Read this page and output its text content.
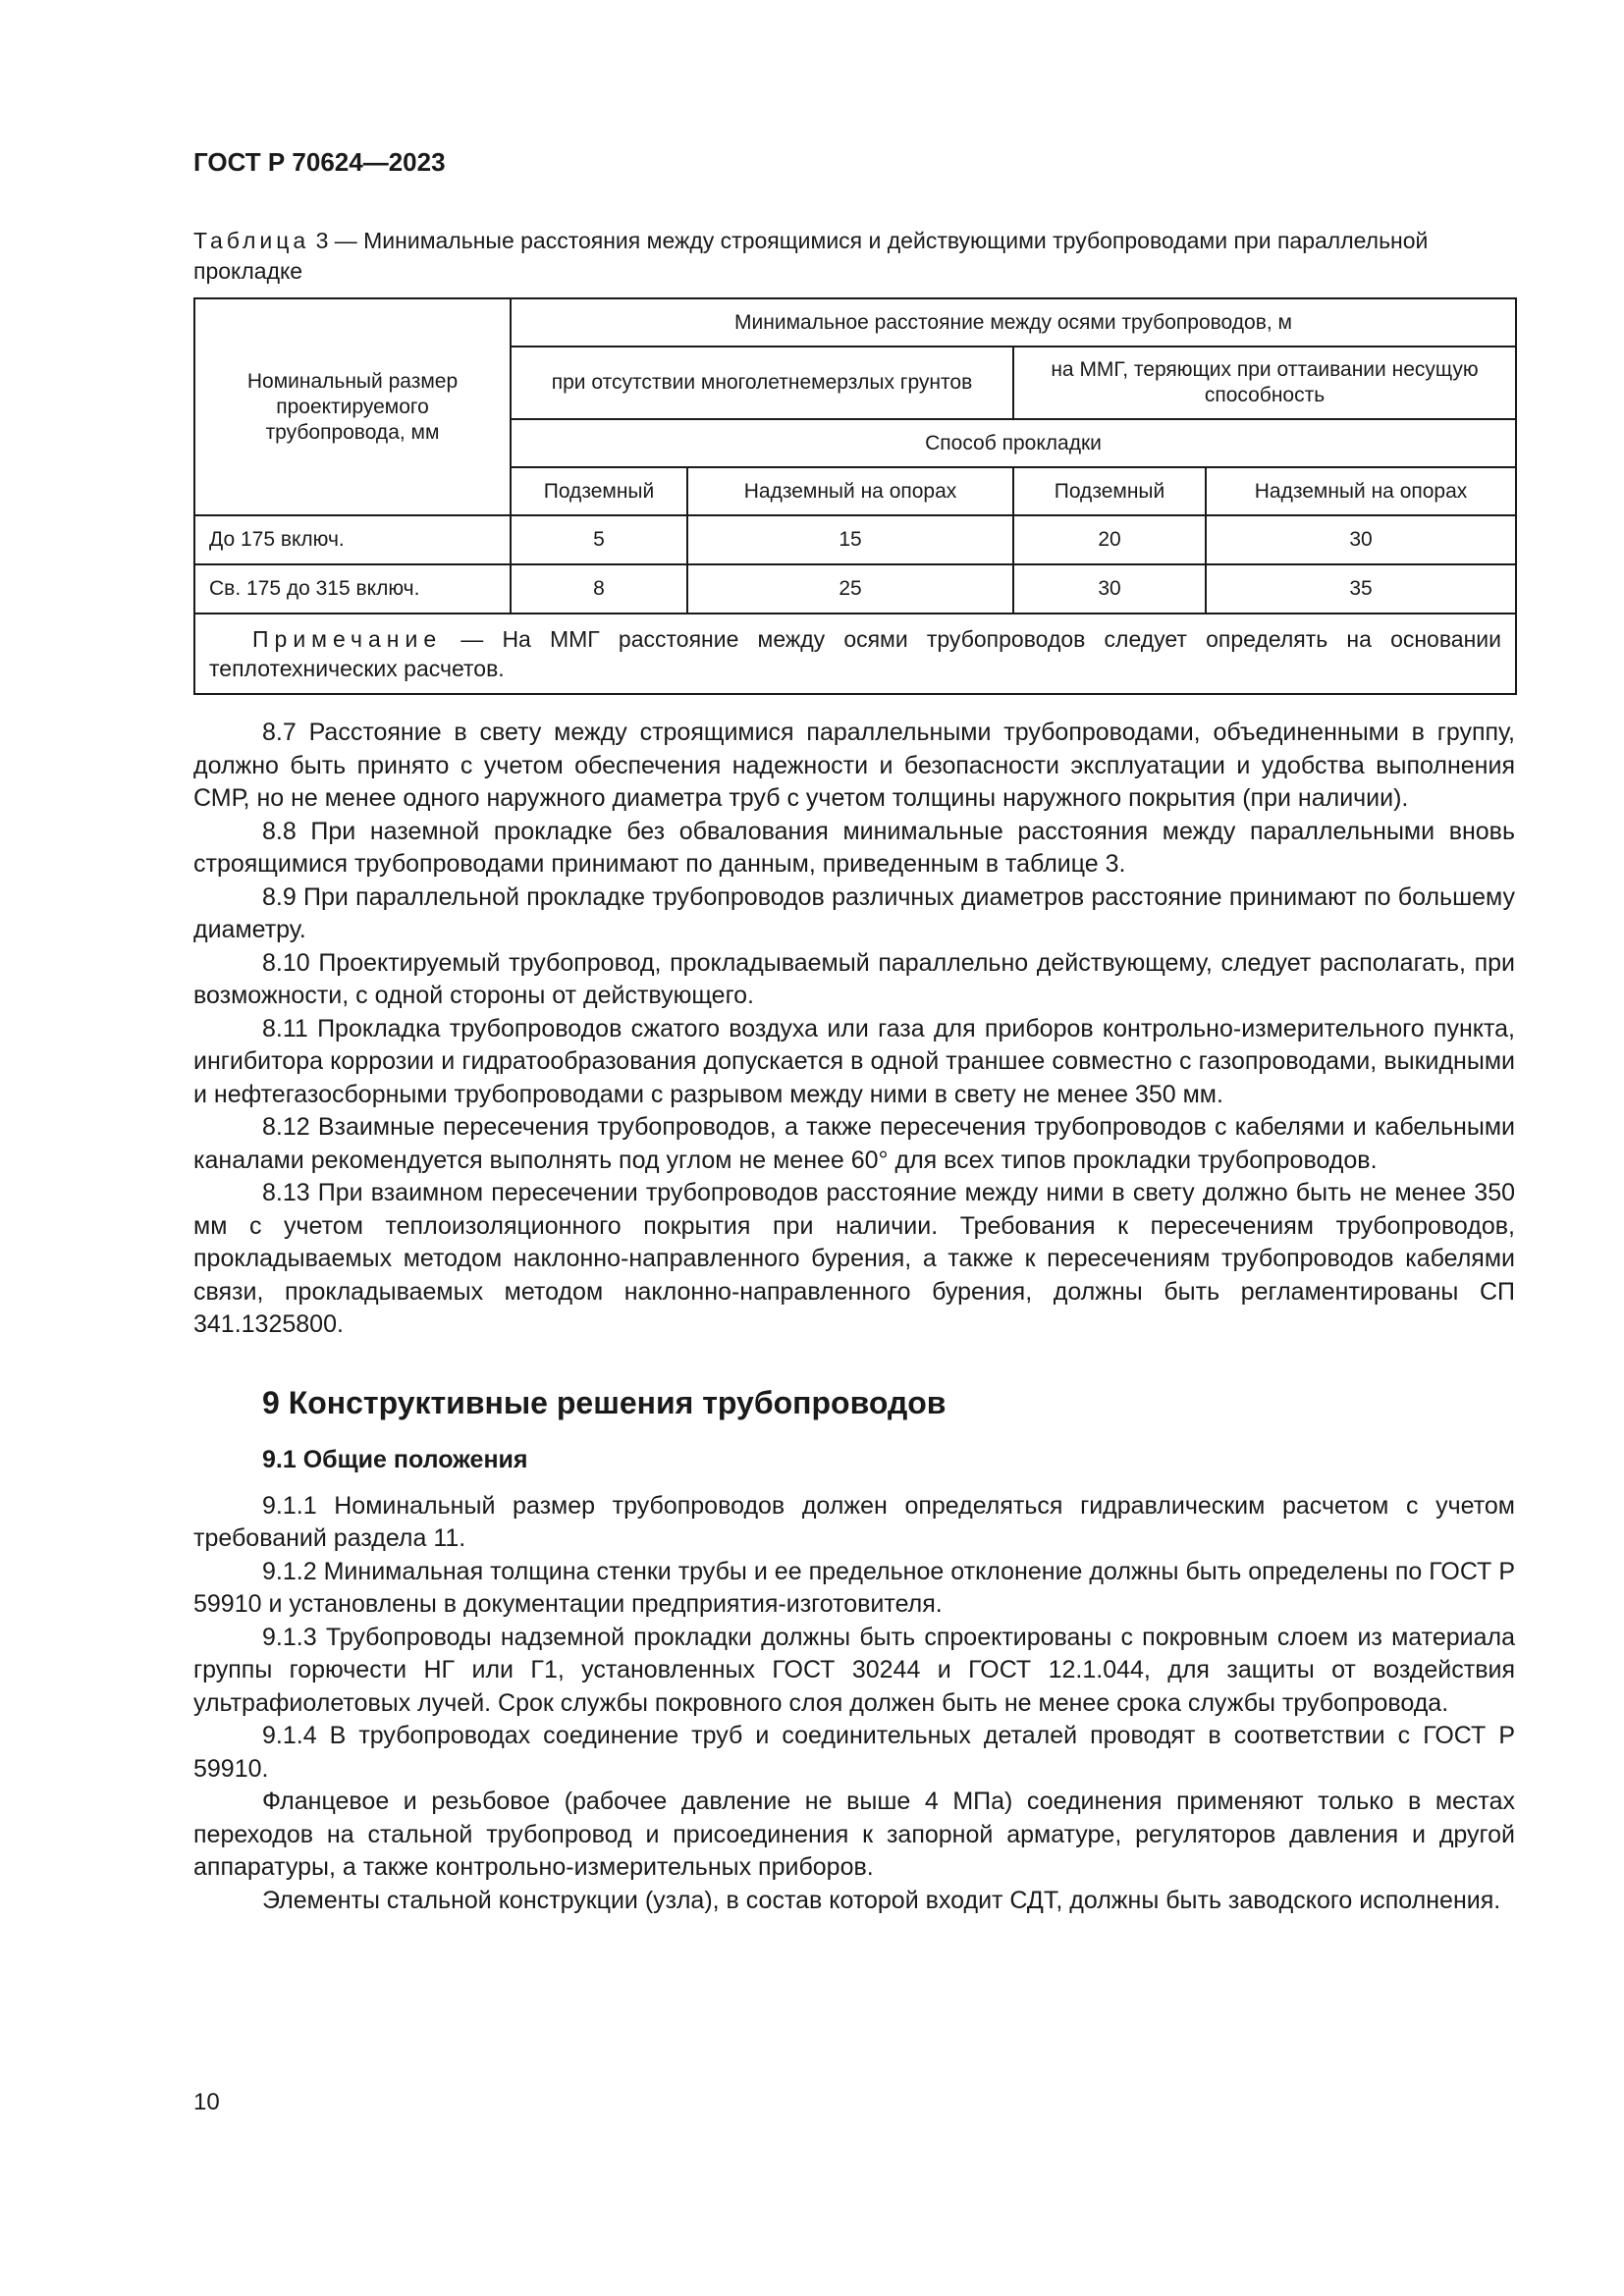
ГОСТ Р 70624—2023
Таблица 3 — Минимальные расстояния между строящимися и действующими трубопроводами при параллельной прокладке
Номинальный размер проектируемого трубопровода, мм	Минимальное расстояние между осями трубопроводов, м			
	при отсутствии многолетнемерзлых грунтов		на ММГ, теряющих при оттаивании несущую способность	
	Способ прокладки			
	Подземный	Надземный на опорах	Подземный	Надземный на опорах
До 175 включ.	5	15	20	30
Св. 175 до 315 включ.	8	25	30	35
Примечание — На ММГ расстояние между осями трубопроводов следует определять на основании теплотехнических расчетов.				

8.7 Расстояние в свету между строящимися параллельными трубопроводами, объединенными в группу, должно быть принято с учетом обеспечения надежности и безопасности эксплуатации и удобства выполнения СМР, но не менее одного наружного диаметра труб с учетом толщины наружного покрытия (при наличии).

8.8 При наземной прокладке без обвалования минимальные расстояния между параллельными вновь строящимися трубопроводами принимают по данным, приведенным в таблице 3.

8.9 При параллельной прокладке трубопроводов различных диаметров расстояние принимают по большему диаметру.

8.10 Проектируемый трубопровод, прокладываемый параллельно действующему, следует располагать, при возможности, с одной стороны от действующего.

8.11 Прокладка трубопроводов сжатого воздуха или газа для приборов контрольно-измерительного пункта, ингибитора коррозии и гидратообразования допускается в одной траншее совместно с газопроводами, выкидными и нефтегазосборными трубопроводами с разрывом между ними в свету не менее 350 мм.

8.12 Взаимные пересечения трубопроводов, а также пересечения трубопроводов с кабелями и кабельными каналами рекомендуется выполнять под углом не менее 60° для всех типов прокладки трубопроводов.

8.13 При взаимном пересечении трубопроводов расстояние между ними в свету должно быть не менее 350 мм с учетом теплоизоляционного покрытия при наличии. Требования к пересечениям трубопроводов, прокладываемых методом наклонно-направленного бурения, а также к пересечениям трубопроводов кабелями связи, прокладываемых методом наклонно-направленного бурения, должны быть регламентированы СП 341.1325800.

9 Конструктивные решения трубопроводов
9.1 Общие положения

9.1.1 Номинальный размер трубопроводов должен определяться гидравлическим расчетом с учетом требований раздела 11.

9.1.2 Минимальная толщина стенки трубы и ее предельное отклонение должны быть определены по ГОСТ Р 59910 и установлены в документации предприятия-изготовителя.

9.1.3 Трубопроводы надземной прокладки должны быть спроектированы с покровным слоем из материала группы горючести НГ или Г1, установленных ГОСТ 30244 и ГОСТ 12.1.044, для защиты от воздействия ультрафиолетовых лучей. Срок службы покровного слоя должен быть не менее срока службы трубопровода.

9.1.4 В трубопроводах соединение труб и соединительных деталей проводят в соответствии с ГОСТ Р 59910.

Фланцевое и резьбовое (рабочее давление не выше 4 МПа) соединения применяют только в местах переходов на стальной трубопровод и присоединения к запорной арматуре, регуляторов давления и другой аппаратуры, а также контрольно-измерительных приборов.

Элементы стальной конструкции (узла), в состав которой входит СДТ, должны быть заводского исполнения.

10
